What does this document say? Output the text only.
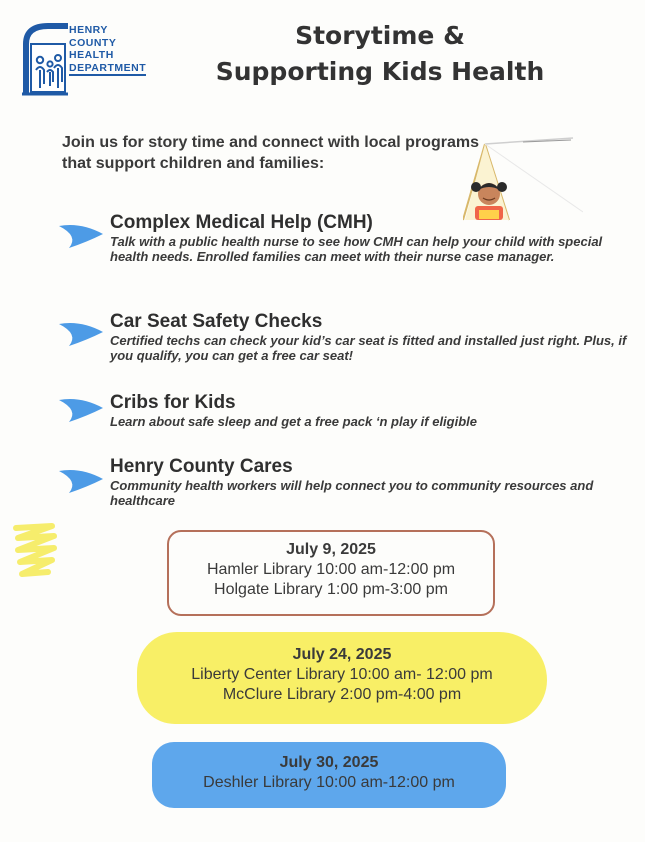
HENRY
COUNTY
HEALTH
DEPARTMENT
Storytime &
Supporting Kids Health
Join us for story time and connect with local programs that support children and families:
Complex Medical Help (CMH)
Talk with a public health nurse to see how CMH can help your child with special health needs. Enrolled families can meet with their nurse case manager.
Car Seat Safety Checks
Certified techs can check your kid’s car seat is fitted and installed just right. Plus, if you qualify, you can get a free car seat!
Cribs for Kids
Learn about safe sleep and get a free pack ‘n play if eligible
Henry County Cares
Community health workers will help connect you to community resources and healthcare
July 9, 2025
Hamler Library 10:00 am-12:00 pm
Holgate Library 1:00 pm-3:00 pm
July 24, 2025
Liberty Center Library 10:00 am- 12:00 pm
McClure Library 2:00 pm-4:00 pm
July 30, 2025
Deshler Library 10:00 am-12:00 pm
